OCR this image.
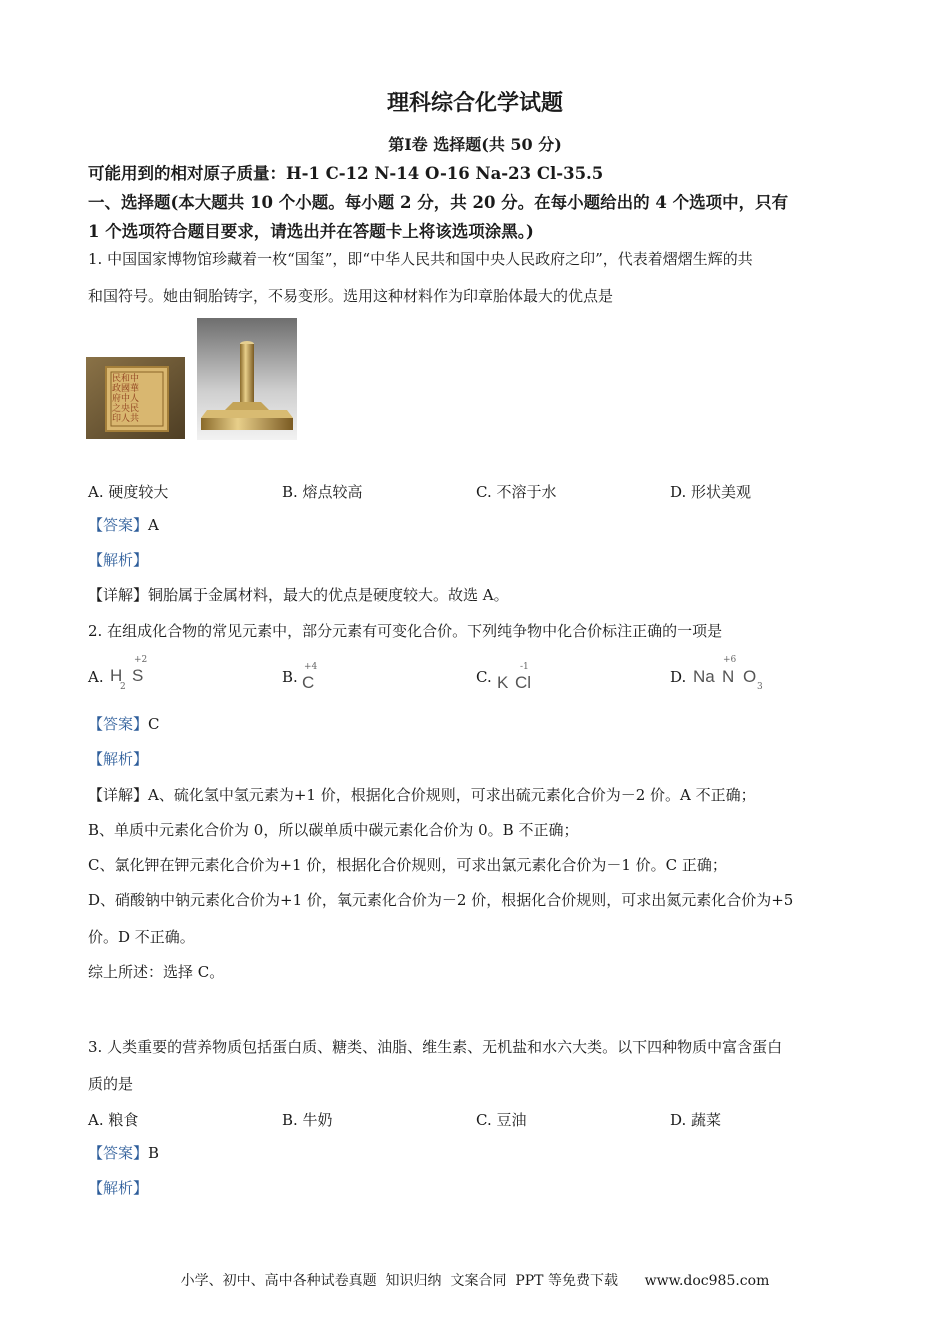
理科综合化学试题
第Ⅰ卷 选择题(共 50 分)
可能用到的相对原子质量：H-1 C-12 N-14 O-16 Na-23 Cl-35.5
一、选择题(本大题共 10 个小题。每小题 2 分，共 20 分。在每小题给出的 4 个选项中，只有
1 个选项符合题目要求，请选出并在答题卡上将该选项涂黑。)
1. 中国国家博物馆珍藏着一枚“国玺”，即“中华人民共和国中央人民政府之印”，代表着熠熠生辉的共
和国符号。她由铜胎铸字，不易变形。选用这种材料作为印章胎体最大的优点是
民和中
政國華
府中人
之央民
印人共
A. 硬度较大	B. 熔点较高	C. 不溶于水	D. 形状美观
【答案】A
【解析】
【详解】铜胎属于金属材料，最大的优点是硬度较大。故选 A。
2. 在组成化合物的常见元素中，部分元素有可变化合价。下列纯争物中化合价标注正确的一项是
A. H
2
S
+2
B. C
+4
C. K Cl
-1
D. Na N
+6
O
3
【答案】C
【解析】
【详解】A、硫化氢中氢元素为+1 价，根据化合价规则，可求出硫元素化合价为－2 价。A 不正确；
B、单质中元素化合价为 0，所以碳单质中碳元素化合价为 0。B 不正确；
C、氯化钾在钾元素化合价为+1 价，根据化合价规则，可求出氯元素化合价为－1 价。C 正确；
D、硝酸钠中钠元素化合价为+1 价，氧元素化合价为－2 价，根据化合价规则，可求出氮元素化合价为+5
价。D 不正确。
综上所述：选择 C。
3. 人类重要的营养物质包括蛋白质、糖类、油脂、维生素、无机盐和水六大类。以下四种物质中富含蛋白
质的是
A. 粮食	B. 牛奶	C. 豆油	D. 蔬菜
【答案】B
【解析】
小学、初中、高中各种试卷真题  知识归纳  文案合同  PPT 等免费下载      www.doc985.com
